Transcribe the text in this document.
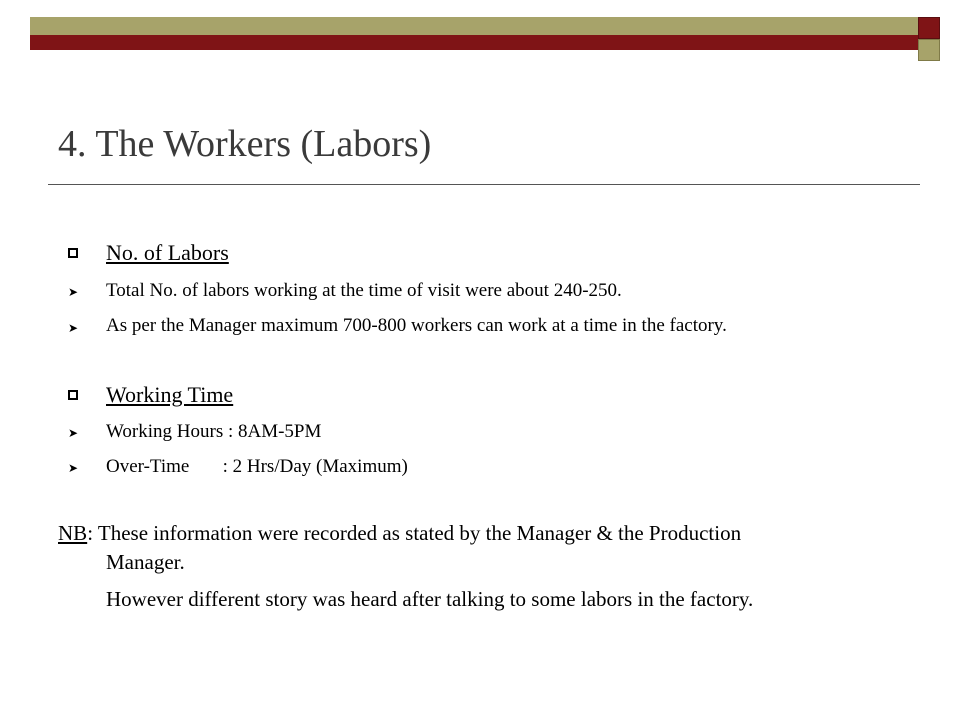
4. The Workers (Labors)
No. of Labors
➤ Total No. of labors working at the time of visit were about 240-250.
➤ As per the Manager maximum 700-800 workers can work at a time in the factory.
Working Time
➤ Working Hours : 8AM-5PM
➤ Over-Time       : 2 Hrs/Day (Maximum)
NB: These information were recorded as stated by the Manager & the Production
Manager.
However different story was heard after talking to some labors in the factory.
